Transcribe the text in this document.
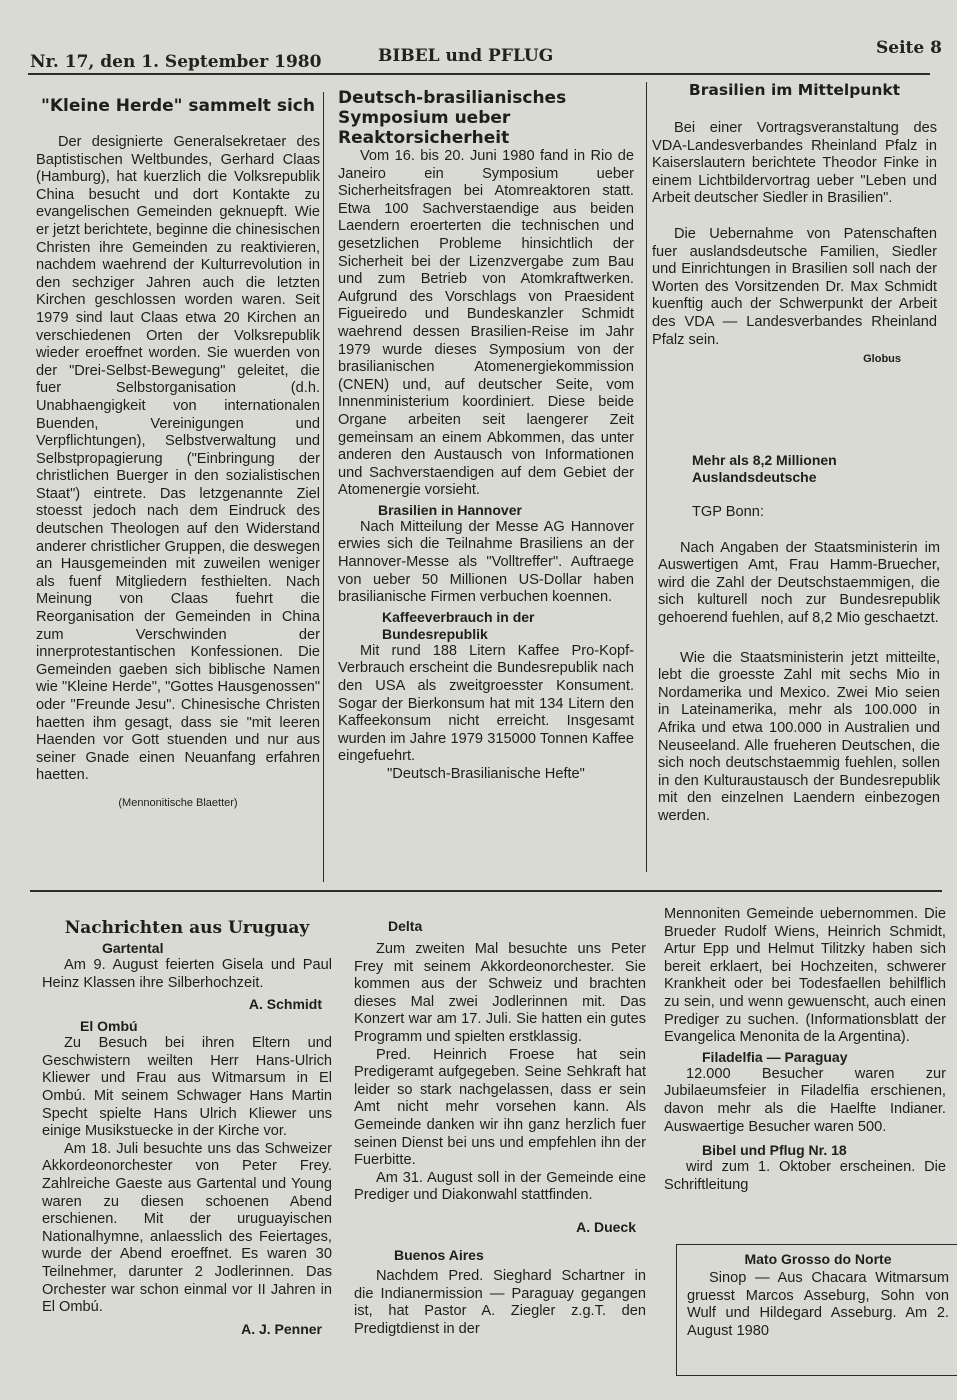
Nr. 17, den 1. September 1980	BIBEL und PFLUG	Seite 8
"Kleine Herde" sammelt sich

Der designierte Generalsekretaer des Baptistischen Weltbundes, Gerhard Claas (Hamburg), hat kuerzlich die Volksrepublik China besucht und dort Kontakte zu evangelischen Gemeinden geknuepft. Wie er jetzt berichtete, beginne die chinesischen Christen ihre Gemeinden zu reaktivieren, nachdem waehrend der Kulturrevolution in den sechziger Jahren auch die letzten Kirchen geschlossen worden waren. Seit 1979 sind laut Claas etwa 20 Kirchen an verschiedenen Orten der Volksrepublik wieder eroeffnet worden. Sie wuerden von der "Drei-Selbst-Bewegung" geleitet, die fuer Selbstorganisation (d.h. Unabhaengigkeit von internationalen Buenden, Vereinigungen und Verpflichtungen), Selbstverwaltung und Selbstpropagierung ("Einbringung der christlichen Buerger in den sozialistischen Staat") eintrete. Das letzgenannte Ziel stoesst jedoch nach dem Eindruck des deutschen Theologen auf den Widerstand anderer christlicher Gruppen, die deswegen an Hausgemeinden mit zuweilen weniger als fuenf Mitgliedern festhielten. Nach Meinung von Claas fuehrt die Reorganisation der Gemeinden in China zum Verschwinden der innerprotestantischen Konfessionen. Die Gemeinden gaeben sich biblische Namen wie "Kleine Herde", "Gottes Hausgenossen" oder "Freunde Jesu". Chinesische Christen haetten ihm gesagt, dass sie "mit leeren Haenden vor Gott stuenden und nur aus seiner Gnade einen Neuanfang erfahren haetten.

(Mennonitische Blaetter)
Deutsch-brasilianisches Symposium ueber Reaktorsicherheit

Vom 16. bis 20. Juni 1980 fand in Rio de Janeiro ein Symposium ueber Sicherheitsfragen bei Atomreaktoren statt. Etwa 100 Sachverstaendige aus beiden Laendern eroerterten die technischen und gesetzlichen Probleme hinsichtlich der Sicherheit bei der Lizenzvergabe zum Bau und zum Betrieb von Atomkraftwerken. Aufgrund des Vorschlags von Praesident Figueiredo und Bundeskanzler Schmidt waehrend dessen Brasilien-Reise im Jahr 1979 wurde dieses Symposium von der brasilianischen Atomenergiekommission (CNEN) und, auf deutscher Seite, vom Innenministerium koordiniert. Diese beide Organe arbeiten seit laengerer Zeit gemeinsam an einem Abkommen, das unter anderen den Austausch von Informationen und Sachverstaendigen auf dem Gebiet der Atomenergie vorsieht.

Brasilien in Hannover

Nach Mitteilung der Messe AG Hannover erwies sich die Teilnahme Brasiliens an der Hannover-Messe als "Volltreffer". Auftraege von ueber 50 Millionen US-Dollar haben brasilianische Firmen verbuchen koennen.

Kaffeeverbrauch in der Bundesrepublik

Mit rund 188 Litern Kaffee Pro-Kopf-Verbrauch erscheint die Bundesrepublik nach den USA als zweitgroesster Konsument. Sogar der Bierkonsum hat mit 134 Litern den Kaffeekonsum nicht erreicht. Insgesamt wurden im Jahre 1979 315000 Tonnen Kaffee eingefuehrt.

"Deutsch-Brasilianische Hefte"
Brasilien im Mittelpunkt

Bei einer Vortragsveranstaltung des VDA-Landesverbandes Rheinland Pfalz in Kaiserslautern berichtete Theodor Finke in einem Lichtbildervortrag ueber "Leben und Arbeit deutscher Siedler in Brasilien".

Die Uebernahme von Patenschaften fuer auslandsdeutsche Familien, Siedler und Einrichtungen in Brasilien soll nach der Worten des Vorsitzenden Dr. Max Schmidt kuenftig auch der Schwerpunkt der Arbeit des VDA — Landesverbandes Rheinland Pfalz sein.

Globus
Mehr als 8,2 Millionen Auslandsdeutsche
TGP Bonn:

Nach Angaben der Staatsministerin im Auswertigen Amt, Frau Hamm-Bruecher, wird die Zahl der Deutschstaemmigen, die sich kulturell noch zur Bundesrepublik gehoerend fuehlen, auf 8,2 Mio geschaetzt.

Wie die Staatsministerin jetzt mitteilte, lebt die groesste Zahl mit sechs Mio in Nordamerika und Mexico. Zwei Mio seien in Lateinamerika, mehr als 100.000 in Afrika und etwa 100.000 in Australien und Neuseeland. Alle frueheren Deutschen, die sich noch deutschstaemmig fuehlen, sollen in den Kulturaustausch der Bundesrepublik mit den einzelnen Laendern einbezogen werden.

Nachrichten aus Uruguay
Gartental

Am 9. August feierten Gisela und Paul Heinz Klassen ihre Silberhochzeit.

A. Schmidt
El Ombú

Zu Besuch bei ihren Eltern und Geschwistern weilten Herr Hans-Ulrich Kliewer und Frau aus Witmarsum in El Ombú. Mit seinem Schwager Hans Martin Specht spielte Hans Ulrich Kliewer uns einige Musikstuecke in der Kirche vor.

Am 18. Juli besuchte uns das Schweizer Akkordeonorchester von Peter Frey. Zahlreiche Gaeste aus Gartental und Young waren zu diesen schoenen Abend erschienen. Mit der uruguayischen Nationalhymne, anlaesslich des Feiertages, wurde der Abend eroeffnet. Es waren 30 Teilnehmer, darunter 2 Jodlerinnen. Das Orchester war schon einmal vor II Jahren in El Ombú.

A. J. Penner
Delta

Zum zweiten Mal besuchte uns Peter Frey mit seinem Akkordeonorchester. Sie kommen aus der Schweiz und brachten dieses Mal zwei Jodlerinnen mit. Das Konzert war am 17. Juli. Sie hatten ein gutes Programm und spielten erstklassig.

Pred. Heinrich Froese hat sein Predigeramt aufgegeben. Seine Sehkraft hat leider so stark nachgelassen, dass er sein Amt nicht mehr vorsehen kann. Als Gemeinde danken wir ihn ganz herzlich fuer seinen Dienst bei uns und empfehlen ihn der Fuerbitte.

Am 31. August soll in der Gemeinde eine Prediger und Diakonwahl stattfinden.

A. Dueck
Buenos Aires

Nachdem Pred. Sieghard Schartner in die Indianermission — Paraguay gegangen ist, hat Pastor A. Ziegler z.g.T. den Predigtdienst in der

Mennoniten Gemeinde uebernommen. Die Brueder Rudolf Wiens, Heinrich Schmidt, Artur Epp und Helmut Tilitzky haben sich bereit erklaert, bei Hochzeiten, schwerer Krankheit oder bei Todesfaellen behilflich zu sein, und wenn gewuenscht, auch einen Prediger zu suchen. (Informationsblatt der Evangelica Menonita de la Argentina).

Filadelfia — Paraguay

12.000 Besucher waren zur Jubilaeumsfeier in Filadelfia erschienen, davon mehr als die Haelfte Indianer. Auswaertige Besucher waren 500.

Bibel und Pflug Nr. 18

wird zum 1. Oktober erscheinen. Die Schriftleitung

Mato Grosso do Norte

Sinop — Aus Chacara Witmarsum gruesst Marcos Asseburg, Sohn von Wulf und Hildegard Asseburg. Am 2. August 1980
